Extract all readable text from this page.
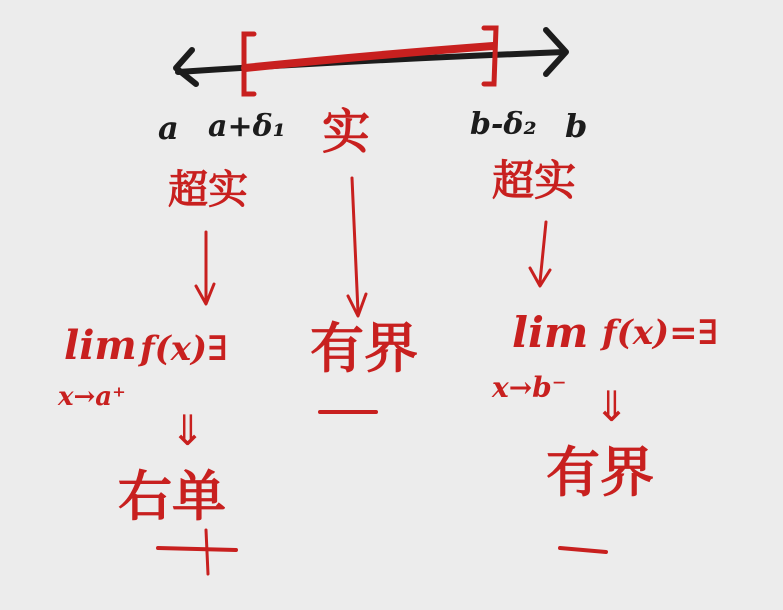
a a+δ₁	b-δ₂ b
超实
实
超实
lim f(x)∃
x→a⁺
⇓
右单
有界 lim f(x)=∃
x→b⁻ ⇓
有界
